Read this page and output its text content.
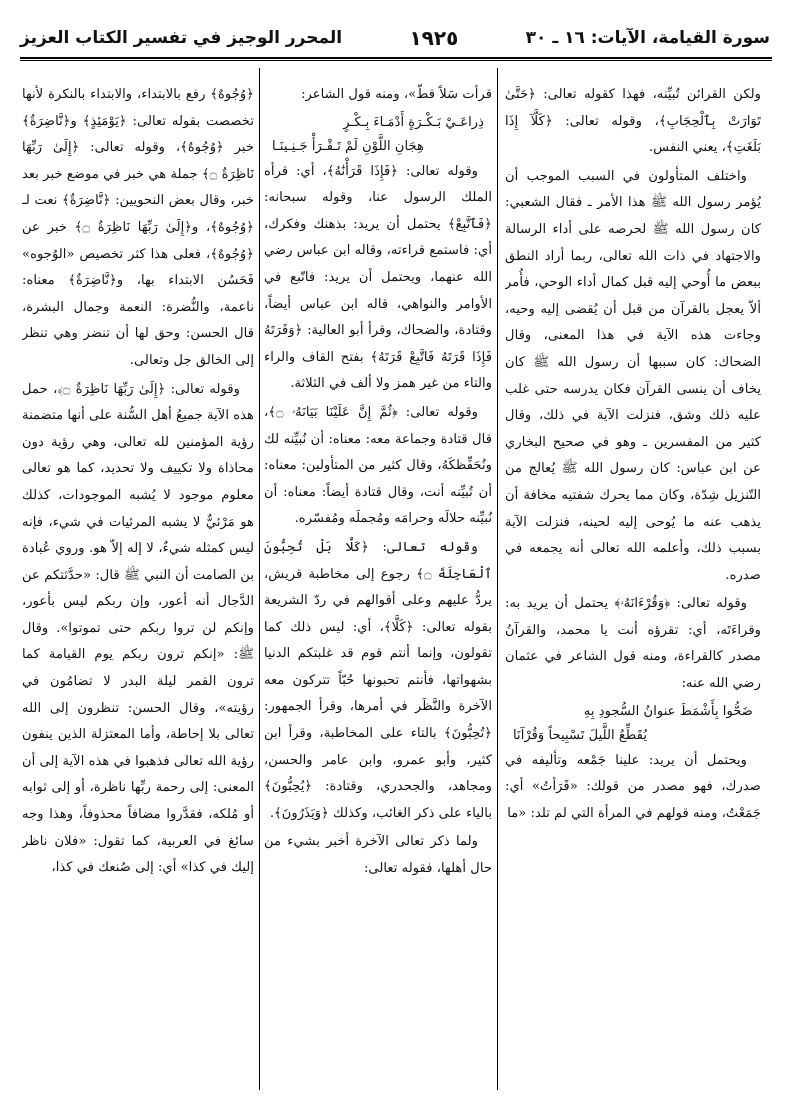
سورة القيامة، الآيات: ١٦ ـ ٣٠
١٩٢٥
المحرر الوجيز في تفسير الكتاب العزيز

ولكن القرائن تُبيِّنه، فهذا كقوله تعالى: ﴿حَتَّىٰ تَوَارَتْ بِٱلْحِجَابِ﴾، وقوله تعالى: ﴿كَلَّآ إِذَا بَلَغَتِ﴾، يعني النفس.

واختلف المتأولون في السبب الموجب أن يُؤمر رسول الله ﷺ هذا الأمر ـ فقال الشعبي: كان رسول الله ﷺ لحرصه على أداء الرسالة والاجتهاد في ذات الله تعالى، ربما أراد النطق ببعض ما أُوحي إليه قبل كمال أداء الوحي، فأُمر ألاّ يعجل بالقرآن من قبل أن يُقضى إليه وحيه، وجاءت هذه الآية في هذا المعنى، وقال الضحاك: كان سببها أن رسول الله ﷺ كان يخاف أن ينسى القرآن فكان يدرسه حتى غلب عليه ذلك وشق، فنزلت الآية في ذلك، وقال كثير من المفسرين ـ وهو في صحيح البخاري عن ابن عباس: كان رسول الله ﷺ يُعالج من التّنزيل شِدّة، وكان مما يحرك شفتيه مخافة أن يذهب عنه ما يُوحى إليه لحينه، فنزلت الآية بسبب ذلك، وأعلمه الله تعالى أنه يجمعه في صدره.

وقوله تعالى: ﴿وَقُرْءَانَهُۥ﴾ يحتمل أن يريد به: وقراءَتَه، أي: تقرؤه أنت يا محمد، والقرآنُ مصدر كالقراءة، ومنه قول الشاعر في عثمان رضي الله عنه:

ضَحُّوا بِأَشْمَطَ عنوانُ السُّجودِ بِهِ
يُقَطِّعُ اللَّيلَ تَسْبِيحاً وَقُرْآنَا

ويحتمل أن يريد: علينا جَمْعه وتأليفه في صدرك، فهو مصدر من قولك: «قَرَأتُ» أي: جَمَعْتُ، ومنه قولهم في المرأة التي لم تلد: «ما

قرأت سَلاً قطّ»، ومنه قول الشاعر:

ذِراعَـيْ بَـكْـرَةٍ أَدْمَـاءَ بِـكْـرٍ
هِجَانِ اللَّوْنِ لَمْ تَـقْـرَأْ جَـنِـينَـا

وقوله تعالى: ﴿فَإِذَا قَرَأْنَٰهُ﴾، أي: قرأه الملك الرسول عنا، وقوله سبحانه: ﴿فَٱتَّبِعْ﴾ يحتمل أن يريد: بذهنك وفكرك، أي: فاستمع قراءته، وقاله ابن عباس رضي الله عنهما، ويحتمل أن يريد: فاتّبع في الأوامر والنواهي، قاله ابن عباس أيضاً، وقتادة، والضحاك، وقرأ أبو العالية: ﴿وَقَرَتَهُ فَإِذَا قَرَتَهُ فَاتَّبِعْ قَرَتَهُ﴾ بفتح القاف والراء والتاء من غير همز ولا ألف في الثلاثة.

وقوله تعالى: ﴿ثُمَّ إِنَّ عَلَيْنَا بَيَانَهُۥ ۝﴾، قال قتادة وجماعة معه: معناه: أن نُبيِّنه لك ونُحَفِّظكَهُ، وقال كثير من المتأولين: معناه: أن تُبيِّنه أنت، وقال قتادة أيضاً: معناه: أن نُبيِّنه حلالَه وحرامَه ومُجملَه ومُفسّره.

وقوله تعالى: ﴿كَلَّا بَلْ تُحِبُّونَ ٱلْعَاجِلَةَ ۝﴾ رجوع إلى مخاطبة قريش، يردُّ عليهم وعلى أقوالهم في ردّ الشريعة بقوله تعالى: ﴿كَلَّا﴾، أي: ليس ذلك كما تقولون، وإنما أنتم قوم قد غلبتكم الدنيا بشهواتها، فأنتم تحبونها حُبّاً تتركون معه الآخرة والنَّظَر في أمرها، وقرأ الجمهور: ﴿تُحِبُّونَ﴾ بالتاء على المخاطبة، وقرأ ابن كثير، وأبو عمرو، وابن عامر والحسن، ومجاهد، والجحدري، وقتادة: ﴿يُحِبُّونَ﴾ بالياء على ذكر الغائب، وكذلك ﴿وَيَذَرُونَ﴾.

ولما ذكر تعالى الآخرة أخبر بشيء من حال أهلها، فقوله تعالى:

﴿وُجُوهٌ﴾ رفع بالابتداء، والابتداء بالنكرة لأنها تخصصت بقوله تعالى: ﴿يَوْمَئِذٍ﴾ و﴿نَّاضِرَةٌ﴾ خبر ﴿وُجُوهٌ﴾، وقوله تعالى: ﴿إِلَىٰ رَبِّهَا نَاظِرَةٌ ۝﴾ جملة هي خبر في موضع خبر بعد خبر، وقال بعض النحويين: ﴿نَّاضِرَةٌ﴾ نعت لـ ﴿وُجُوهٌ﴾، و﴿إِلَىٰ رَبِّهَا نَاظِرَةٌ ۝﴾ خبر عن ﴿وُجُوهٌ﴾، فعلى هذا كثر تخصيص «الوُجوه» فَحَسُن الابتداء بها، و﴿نَّاضِرَةٌ﴾ معناه: ناعمة، والنُّضرة: النعمة وجمال البشرة، قال الحسن: وحق لها أن تنضر وهي تنظر إلى الخالق جل وتعالى.

وقوله تعالى: ﴿إِلَىٰ رَبِّهَا نَاظِرَةٌ ۝﴾، حمل هذه الآية جميعُ أهل السُّنة على أنها متضمنة رؤية المؤمنين لله تعالى، وهي رؤية دون محاذاة ولا تكييف ولا تحديد، كما هو تعالى معلوم موجود لا يُشبه الموجودات، كذلك هو مَرْئيٌّ لا يشبه المرئيات في شيء، فإنه ليس كمثله شيءٌ، لا إله إلاّ هو. وروي عُبادة بن الصامت أن النبي ﷺ قال: «حدَّثتكم عن الدَّجال أنه أعور، وإن ربكم ليس بأعور، وإنكم لن تروا ربكم حتى تموتوا». وقال ﷺ: «إنكم ترون ربكم يوم القيامة كما ترون القمر ليلة البدر لا تضامُون في رؤيته»، وقال الحسن: تنظرون إلى الله تعالى بلا إحاطة، وأما المعتزلة الذين ينفون رؤية الله تعالى فذهبوا في هذه الآية إلى أن المعنى: إلى رحمة ربِّها ناظرة، أو إلى ثوابه أو مُلكه، فقدَّروا مضافاً محذوفاً، وهذا وجه سائغ في العربية، كما تقول: «فلان ناظر إليك في كذا» أي: إلى صُنعك في كذا،
